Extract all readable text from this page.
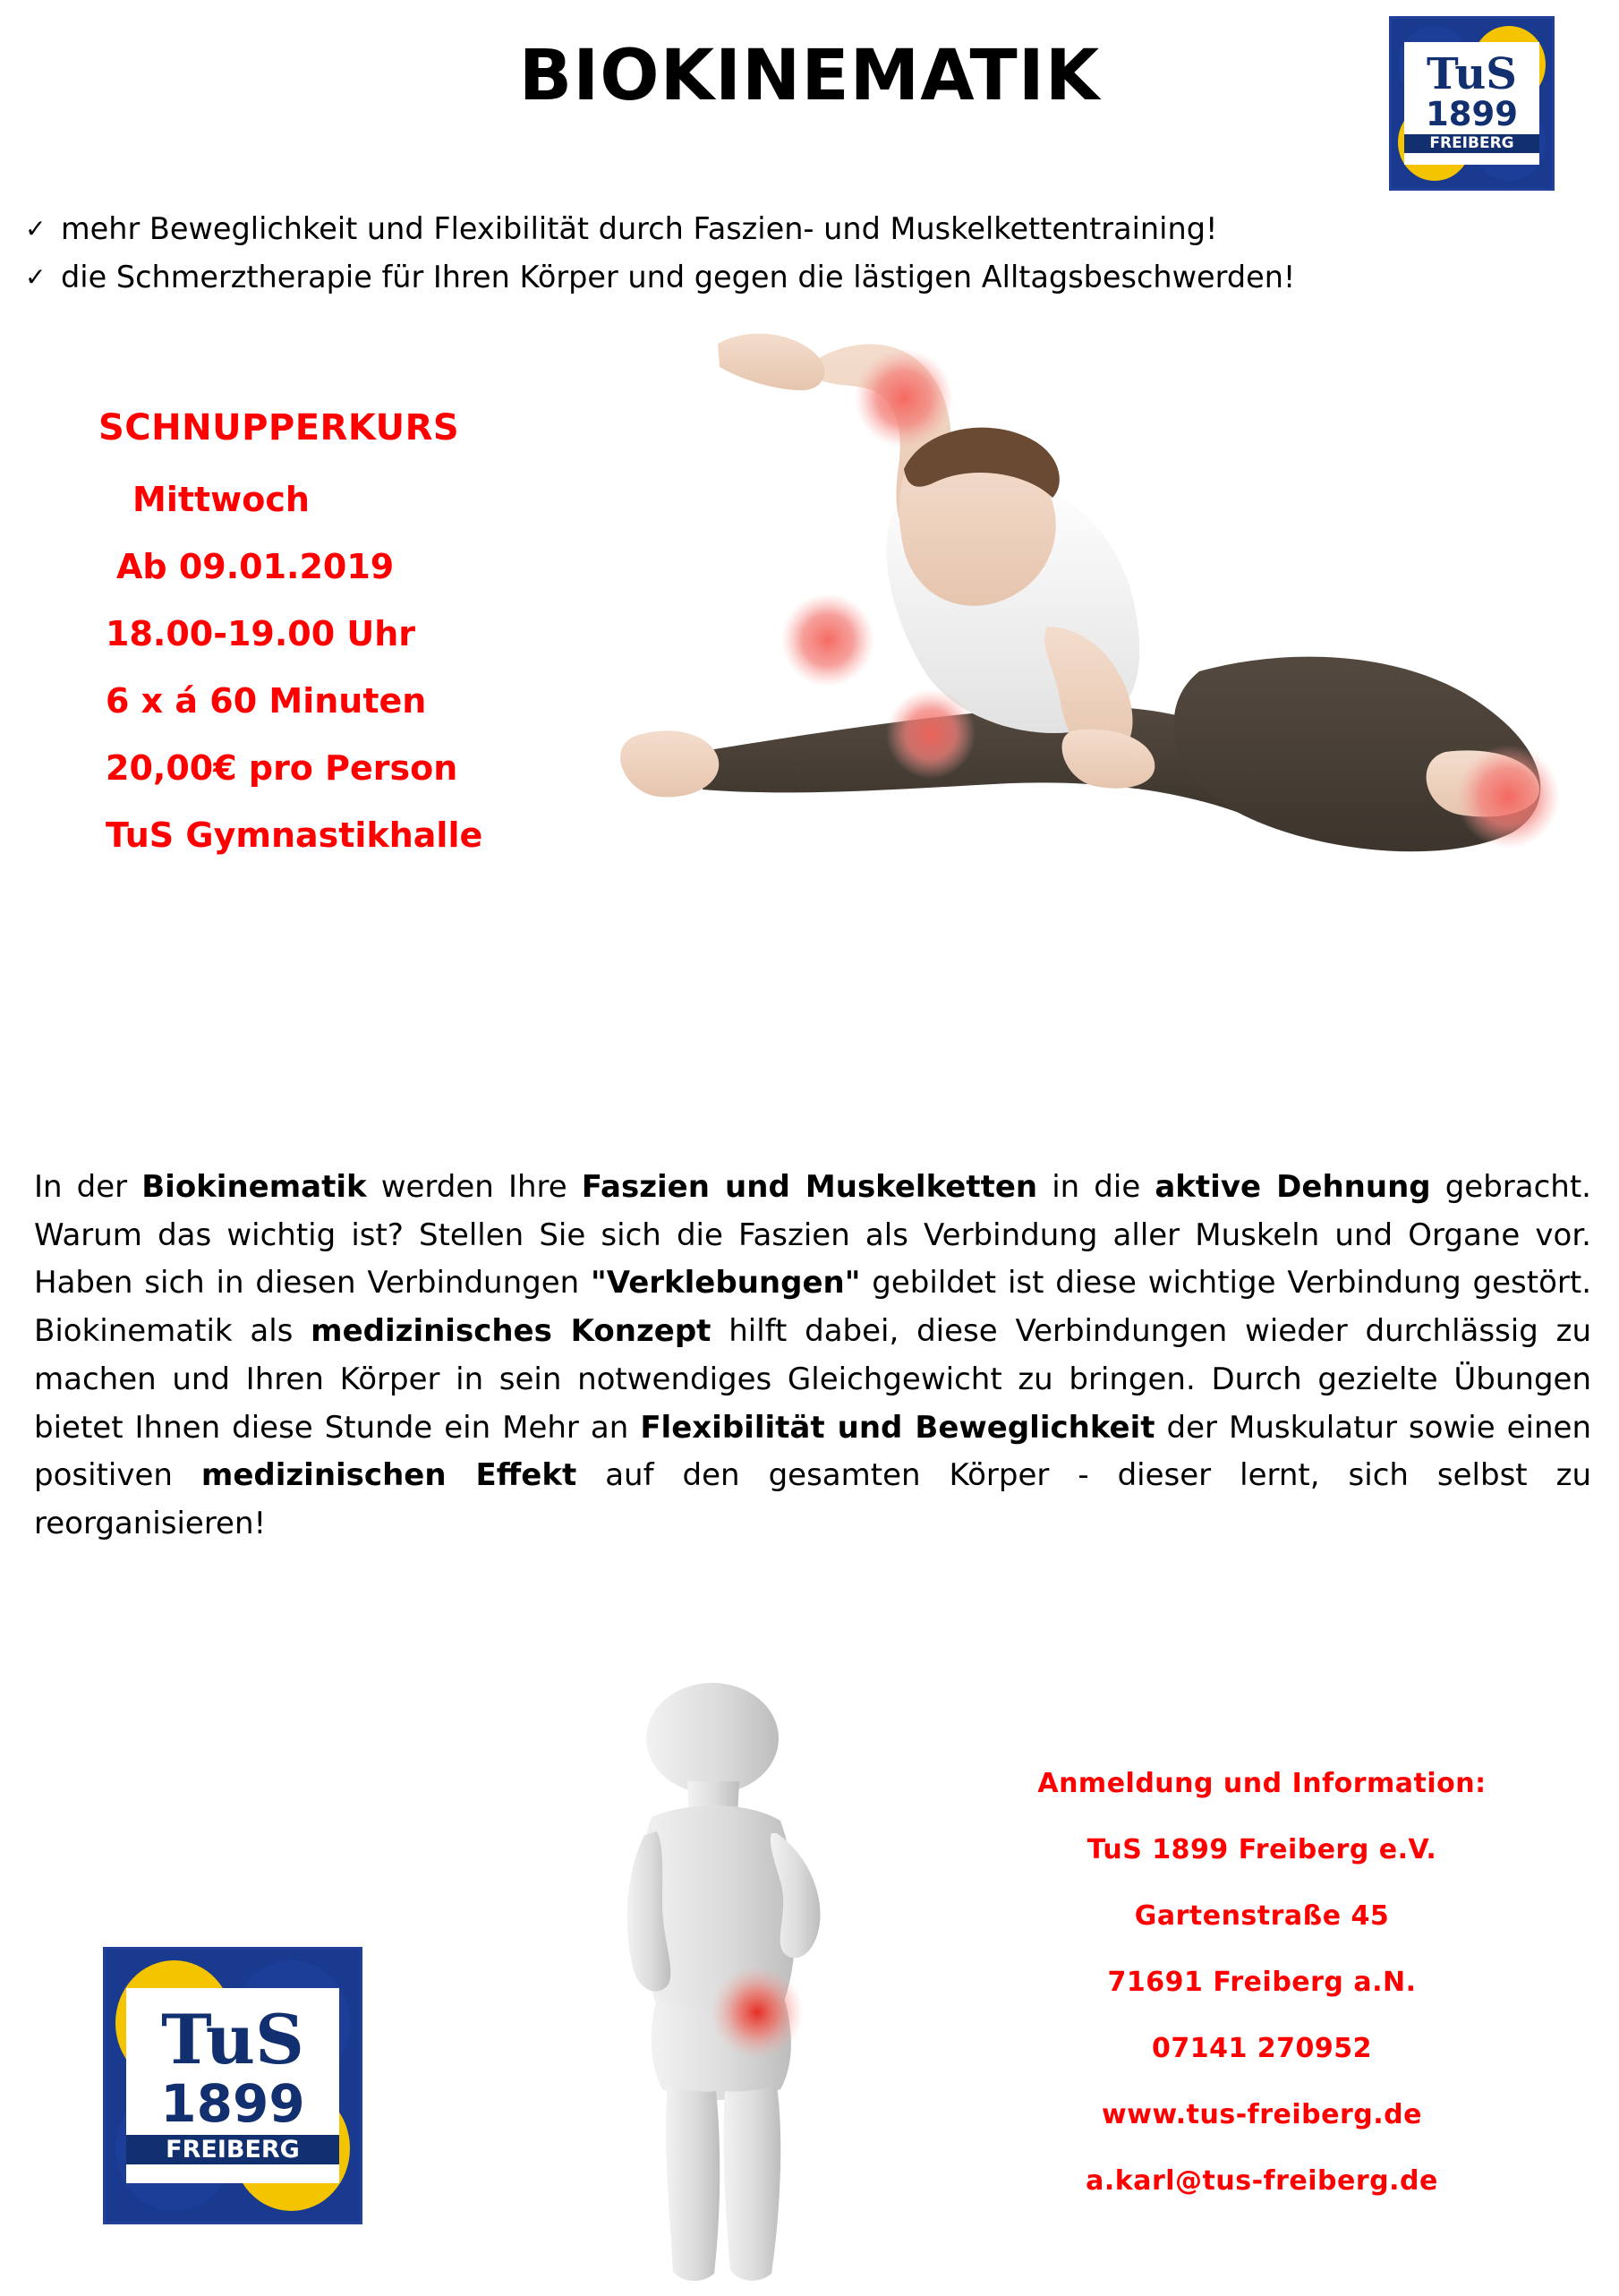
BIOKINEMATIK	TuS
1899
FREIBERG
✓ mehr Beweglichkeit und Flexibilität durch Faszien- und Muskelkettentraining!
✓ die Schmerztherapie für Ihren Körper und gegen die lästigen Alltagsbeschwerden!
SCHNUPPERKURS
Mittwoch
Ab 09.01.2019
18.00-19.00 Uhr
6 x á 60 Minuten
20,00€ pro Person
TuS Gymnastikhalle
In der Biokinematik werden Ihre Faszien und Muskelketten in die aktive Dehnung gebracht. Warum das wichtig ist? Stellen Sie sich die Faszien als Verbindung aller Muskeln und Organe vor. Haben sich in diesen Verbindungen "Verklebungen" gebildet ist diese wichtige Verbindung gestört. Biokinematik als medizinisches Konzept hilft dabei, diese Verbindungen wieder durchlässig zu machen und Ihren Körper in sein notwendiges Gleichgewicht zu bringen. Durch gezielte Übungen bietet Ihnen diese Stunde ein Mehr an Flexibilität und Beweglichkeit der Muskulatur sowie einen positiven medizinischen Effekt auf den gesamten Körper - dieser lernt, sich selbst zu reorganisieren!
TuS
1899
FREIBERG
Anmeldung und Information:
TuS 1899 Freiberg e.V.
Gartenstraße 45
71691 Freiberg a.N.
07141 270952
www.tus-freiberg.de
a.karl@tus-freiberg.de
